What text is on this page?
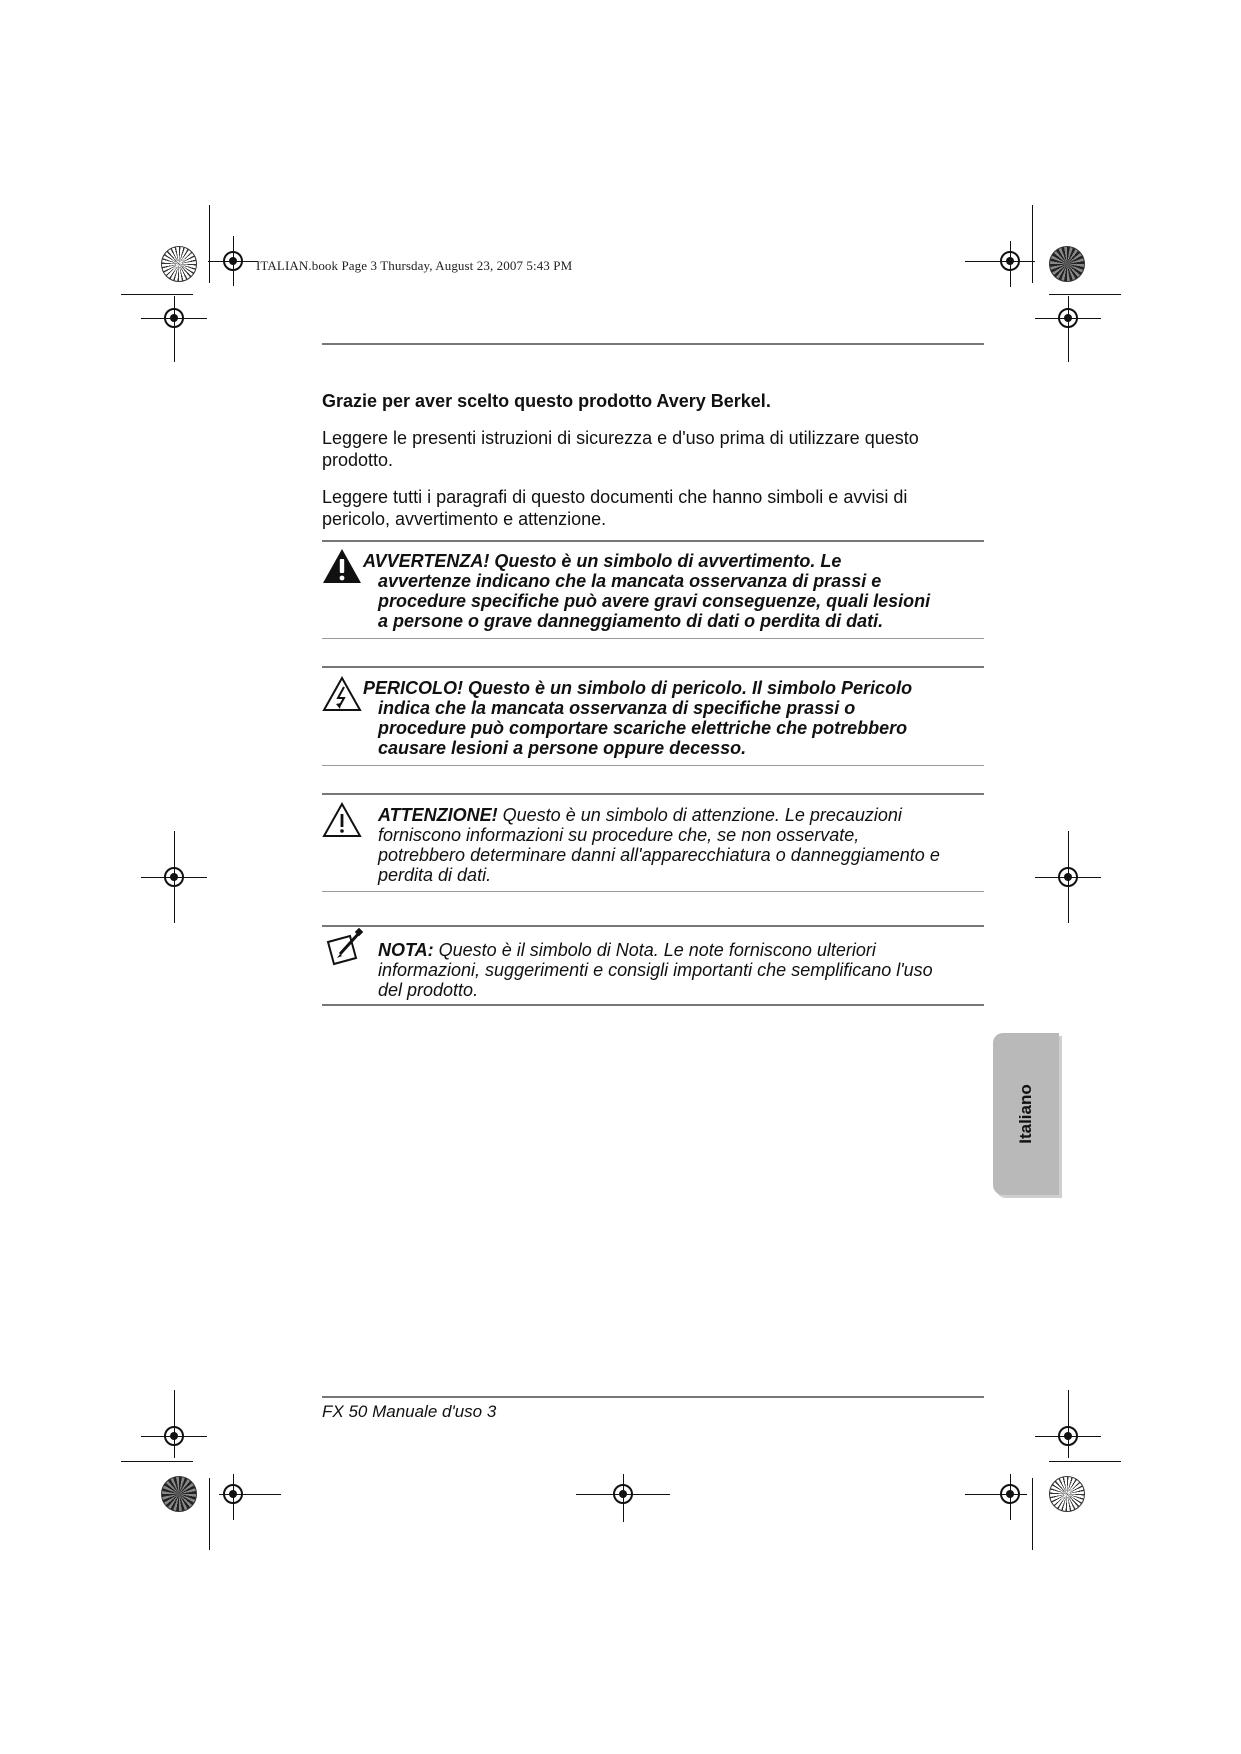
ITALIAN.book Page 3 Thursday, August 23, 2007 5:43 PM
Grazie per aver scelto questo prodotto Avery Berkel.
Leggere le presenti istruzioni di sicurezza e d'uso prima di utilizzare questo
prodotto.
Leggere tutti i paragrafi di questo documenti che hanno simboli e avvisi di
pericolo, avvertimento e attenzione.
AVVERTENZA! Questo è un simbolo di avvertimento. Le
avvertenze indicano che la mancata osservanza di prassi e
procedure specifiche può avere gravi conseguenze, quali lesioni
a persone o grave danneggiamento di dati o perdita di dati.
PERICOLO! Questo è un simbolo di pericolo. Il simbolo Pericolo
indica che la mancata osservanza di specifiche prassi o
procedure può comportare scariche elettriche che potrebbero
causare lesioni a persone oppure decesso.
ATTENZIONE! Questo è un simbolo di attenzione. Le precauzioni
forniscono informazioni su procedure che, se non osservate,
potrebbero determinare danni all'apparecchiatura o danneggiamento e
perdita di dati.
NOTA: Questo è il simbolo di Nota. Le note forniscono ulteriori
informazioni, suggerimenti e consigli importanti che semplificano l'uso
del prodotto.
Italiano
FX 50 Manuale d'uso 3
